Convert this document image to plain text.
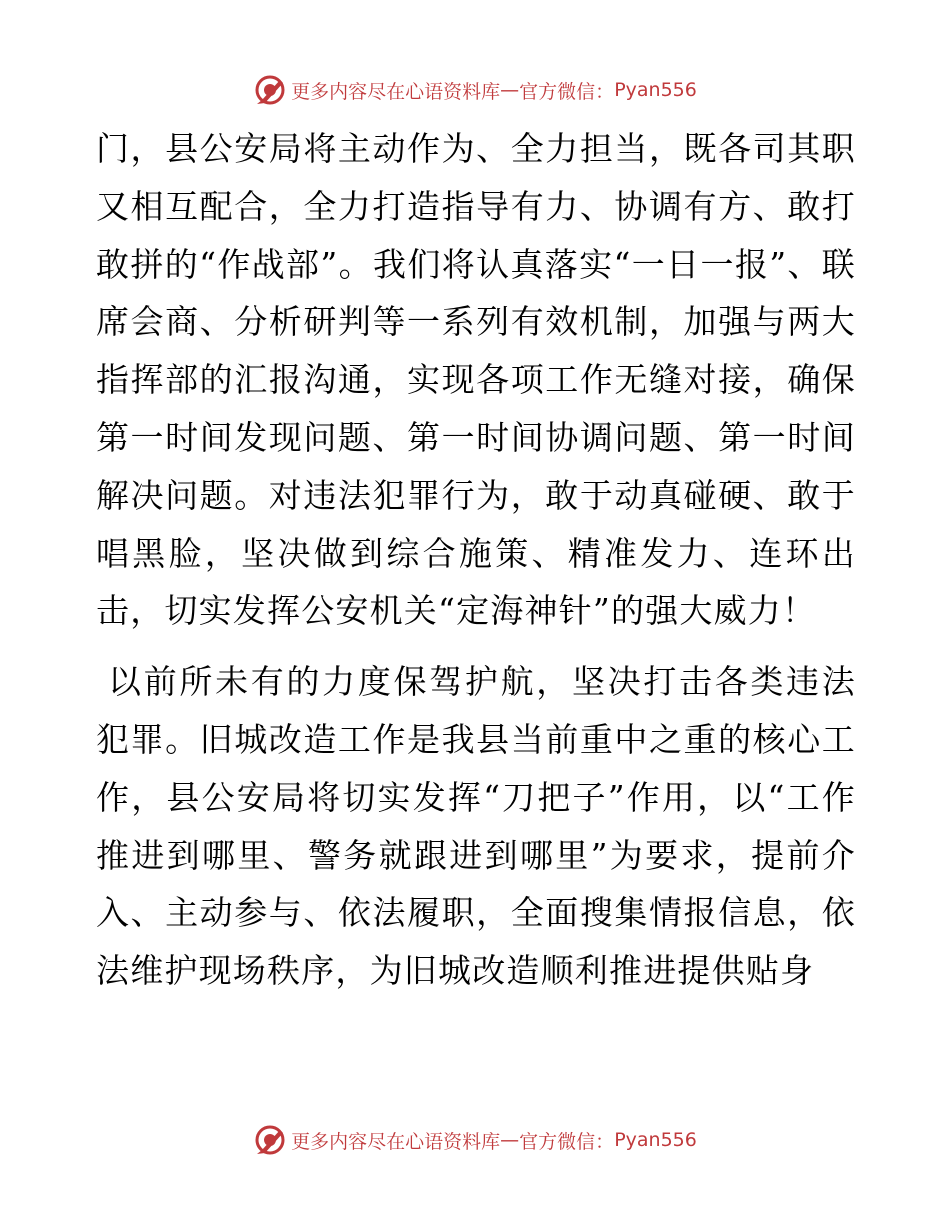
更多内容尽在心语资料库 — 官方微信： Pyan556

门，县公安局将主动作为、全力担当，既各司其职又相互配合，全力打造指导有力、协调有方、敢打敢拼的“作战部”。我们将认真落实“一日一报”、联席会商、分析研判等一系列有效机制，加强与两大指挥部的汇报沟通，实现各项工作无缝对接，确保第一时间发现问题、第一时间协调问题、第一时间解决问题。对违法犯罪行为，敢于动真碰硬、敢于唱黑脸，坚决做到综合施策、精准发力、连环出击，切实发挥公安机关“定海神针”的强大威力！

以前所未有的力度保驾护航，坚决打击各类违法犯罪。旧城改造工作是我县当前重中之重的核心工作，县公安局将切实发挥“刀把子”作用，以“工作推进到哪里、警务就跟进到哪里”为要求，提前介入、主动参与、依法履职，全面搜集情报信息，依法维护现场秩序，为旧城改造顺利推进提供贴身

更多内容尽在心语资料库 — 官方微信： Pyan556
